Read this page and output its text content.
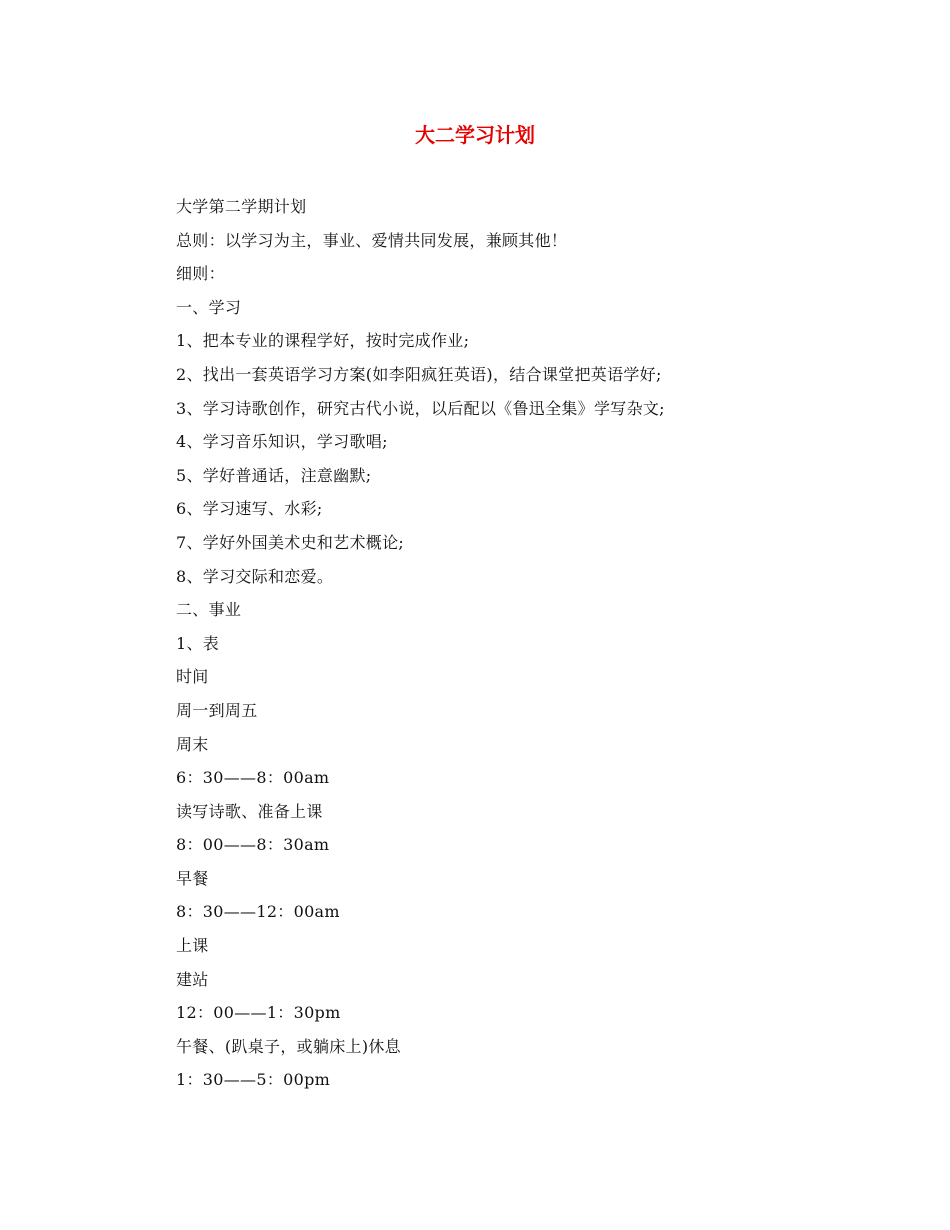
大二学习计划
大学第二学期计划
总则：以学习为主，事业、爱情共同发展，兼顾其他！
细则：
一、学习
1、把本专业的课程学好，按时完成作业;
2、找出一套英语学习方案(如李阳疯狂英语)，结合课堂把英语学好;
3、学习诗歌创作，研究古代小说，以后配以《鲁迅全集》学写杂文;
4、学习音乐知识，学习歌唱;
5、学好普通话，注意幽默;
6、学习速写、水彩;
7、学好外国美术史和艺术概论;
8、学习交际和恋爱。
二、事业
1、表
时间
周一到周五
周末
6：30——8：00am
读写诗歌、准备上课
8：00——8：30am
早餐
8：30——12：00am
上课
建站
12：00——1：30pm
午餐、(趴桌子，或躺床上)休息
1：30——5：00pm
